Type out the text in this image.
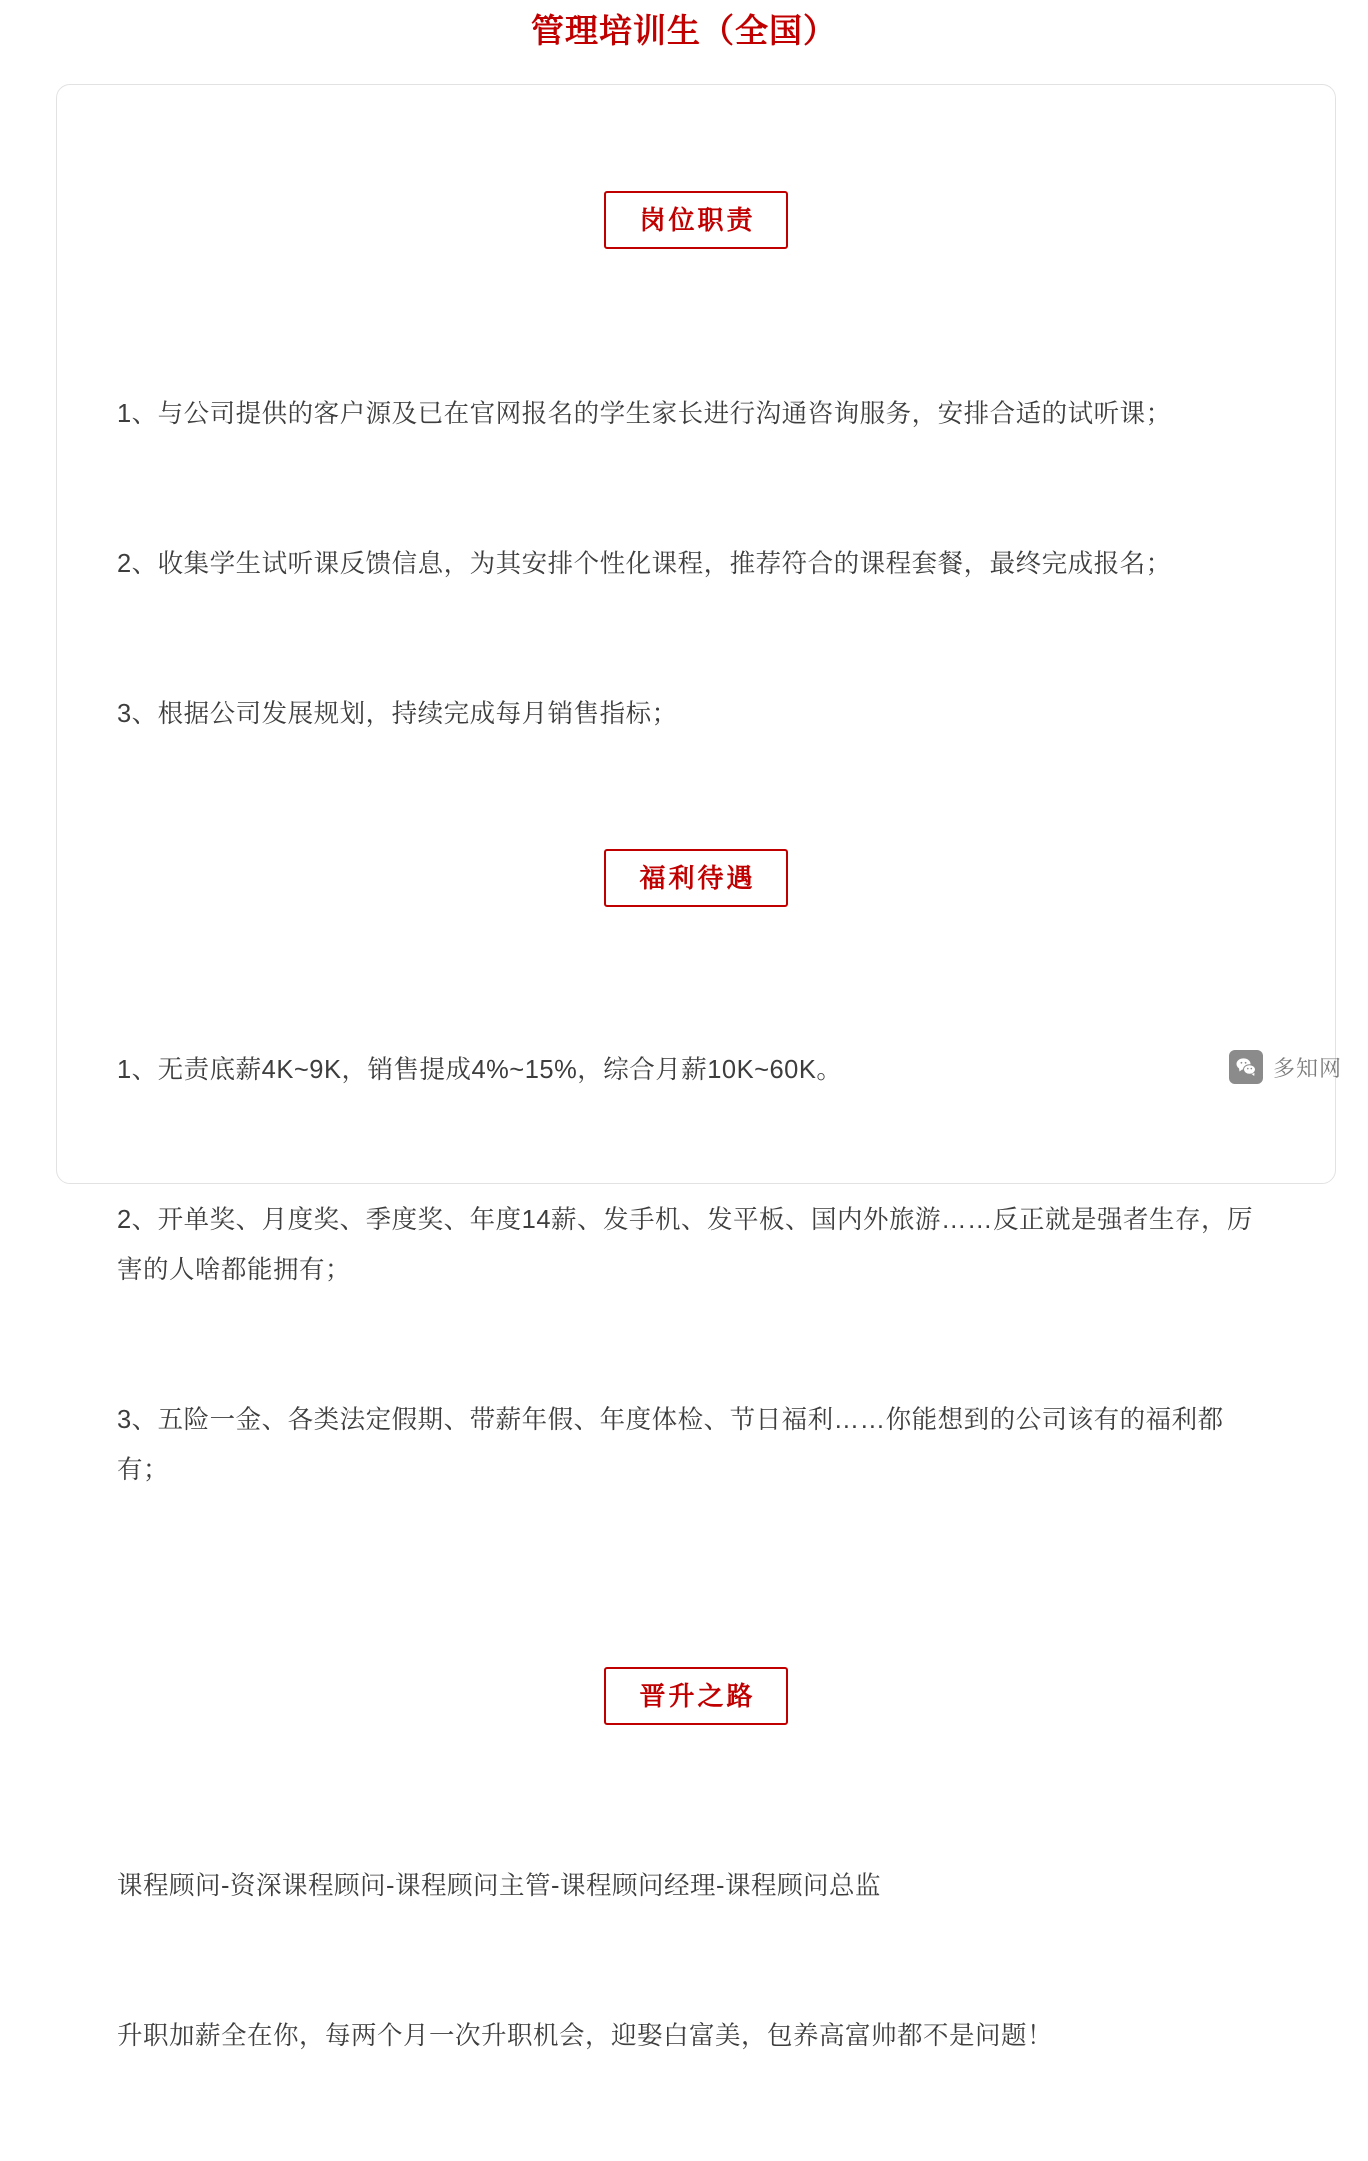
管理培训生（全国）
岗位职责

1、与公司提供的客户源及已在官网报名的学生家长进行沟通咨询服务，安排合适的试听课；

2、收集学生试听课反馈信息，为其安排个性化课程，推荐符合的课程套餐，最终完成报名；

3、根据公司发展规划，持续完成每月销售指标；

福利待遇

1、无责底薪4K~9K，销售提成4%~15%，综合月薪10K~60K。

2、开单奖、月度奖、季度奖、年度14薪、发手机、发平板、国内外旅游……反正就是强者生存，厉害的人啥都能拥有；

3、五险一金、各类法定假期、带薪年假、年度体检、节日福利……你能想到的公司该有的福利都有；

晋升之路

课程顾问-资深课程顾问-课程顾问主管-课程顾问经理-课程顾问总监

升职加薪全在你，每两个月一次升职机会，迎娶白富美，包养高富帅都不是问题！

多知网
